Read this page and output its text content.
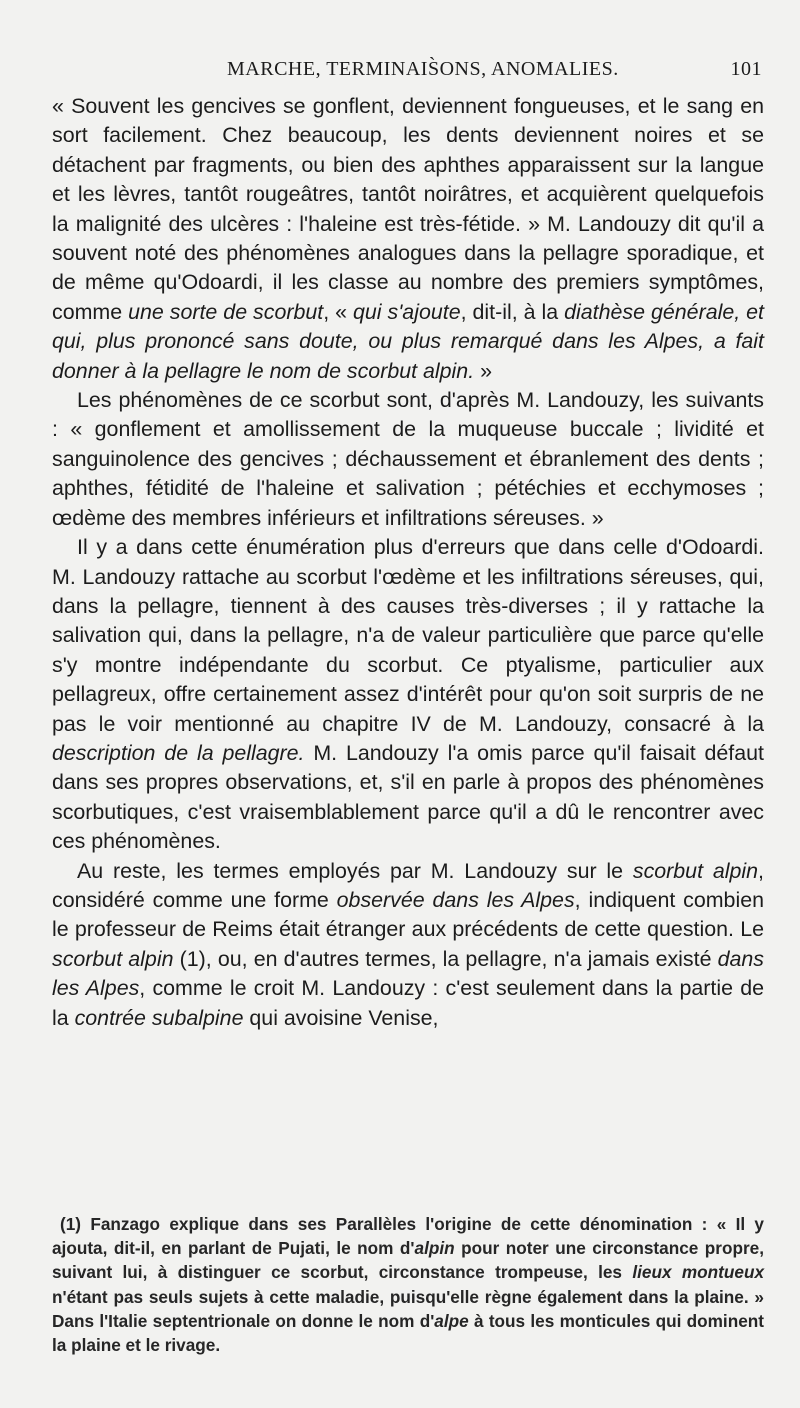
MARCHE, TERMINAIS̀ONS, ANOMALIES.	101

« Souvent les gencives se gonflent, deviennent fongueuses, et le sang en sort facilement. Chez beaucoup, les dents deviennent noires et se détachent par fragments, ou bien des aphthes apparaissent sur la langue et les lèvres, tantôt rougeâtres, tantôt noirâtres, et acquièrent quelquefois la malignité des ulcères : l'haleine est très-fétide. » M. Landouzy dit qu'il a souvent noté des phénomènes analogues dans la pellagre sporadique, et de même qu'Odoardi, il les classe au nombre des premiers symptômes, comme une sorte de scorbut, « qui s'ajoute, dit-il, à la diathèse générale, et qui, plus prononcé sans doute, ou plus remarqué dans les Alpes, a fait donner à la pellagre le nom de scorbut alpin. »

Les phénomènes de ce scorbut sont, d'après M. Landouzy, les suivants : « gonflement et amollissement de la muqueuse buccale ; lividité et sanguinolence des gencives ; déchaussement et ébranlement des dents ; aphthes, fétidité de l'haleine et salivation ; pétéchies et ecchymoses ; œdème des membres inférieurs et infiltrations séreuses. »

Il y a dans cette énumération plus d'erreurs que dans celle d'Odoardi. M. Landouzy rattache au scorbut l'œdème et les infiltrations séreuses, qui, dans la pellagre, tiennent à des causes très-diverses ; il y rattache la salivation qui, dans la pellagre, n'a de valeur particulière que parce qu'elle s'y montre indépendante du scorbut. Ce ptyalisme, particulier aux pellagreux, offre certainement assez d'intérêt pour qu'on soit surpris de ne pas le voir mentionné au chapitre IV de M. Landouzy, consacré à la description de la pellagre. M. Landouzy l'a omis parce qu'il faisait défaut dans ses propres observations, et, s'il en parle à propos des phénomènes scorbutiques, c'est vraisemblablement parce qu'il a dû le rencontrer avec ces phénomènes.

Au reste, les termes employés par M. Landouzy sur le scorbut alpin, considéré comme une forme observée dans les Alpes, indiquent combien le professeur de Reims était étranger aux précédents de cette question. Le scorbut alpin (1), ou, en d'autres termes, la pellagre, n'a jamais existé dans les Alpes, comme le croit M. Landouzy : c'est seulement dans la partie de la contrée subalpine qui avoisine Venise,

(1) Fanzago explique dans ses Parallèles l'origine de cette dénomination : « Il y ajouta, dit-il, en parlant de Pujati, le nom d'alpin pour noter une circonstance propre, suivant lui, à distinguer ce scorbut, circonstance trompeuse, les lieux montueux n'étant pas seuls sujets à cette maladie, puisqu'elle règne également dans la plaine. » Dans l'Italie septentrionale on donne le nom d'alpe à tous les monticules qui dominent la plaine et le rivage.
